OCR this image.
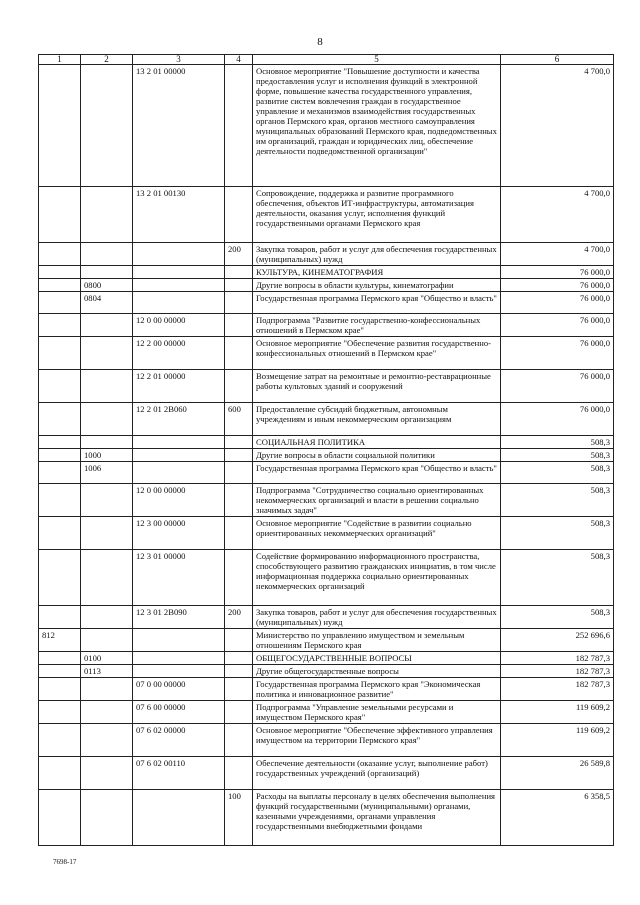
8
1	2	3	4	5	6
		13 2 01 00000		Основное мероприятие "Повышение доступности и качества предоставления услуг и исполнения функций в электронной форме, повышение качества государственного управления, развитие систем вовлечения граждан в государственное управление и механизмов взаимодействия государственных органов Пермского края, органов местного самоуправления муниципальных образований Пермского края, подведомственных им организаций, граждан и юридических лиц, обеспечение деятельности подведомственной организации"	4 700,0
		13 2 01 00130		Сопровождение, поддержка и развитие программного обеспечения, объектов ИТ-инфраструктуры, автоматизация деятельности, оказания услуг, исполнения функций государственными органами Пермского края	4 700,0
			200	Закупка товаров, работ и услуг для обеспечения государственных (муниципальных) нужд	4 700,0
				КУЛЬТУРА, КИНЕМАТОГРАФИЯ	76 000,0
	0800			Другие вопросы в области культуры, кинематографии	76 000,0
	0804			Государственная программа Пермского края "Общество и власть"	76 000,0
		12 0 00 00000		Подпрограмма "Развитие государственно-конфессиональных отношений в Пермском крае"	76 000,0
		12 2 00 00000		Основное мероприятие "Обеспечение развития государственно-конфессиональных отношений в Пермском крае"	76 000,0
		12 2 01 00000		Возмещение затрат на ремонтные и ремонтно-реставрационные работы культовых зданий и сооружений	76 000,0
		12 2 01 2В060	600	Предоставление субсидий бюджетным, автономным учреждениям и иным некоммерческим организациям	76 000,0
				СОЦИАЛЬНАЯ ПОЛИТИКА	508,3
	1000			Другие вопросы в области социальной политики	508,3
	1006			Государственная программа Пермского края "Общество и власть"	508,3
		12 0 00 00000		Подпрограмма "Сотрудничество социально ориентированных некоммерческих организаций и власти в решении социально значимых задач"	508,3
		12 3 00 00000		Основное мероприятие "Содействие в развитии социально ориентированных некоммерческих организаций"	508,3
		12 3 01 00000		Содействие формированию информационного пространства, способствующего развитию гражданских инициатив, в том числе информационная поддержка социально ориентированных некоммерческих организаций	508,3
		12 3 01 2В090	200	Закупка товаров, работ и услуг для обеспечения государственных (муниципальных) нужд	508,3
812				Министерство по управлению имуществом и земельным отношениям Пермского края	252 696,6
	0100			ОБЩЕГОСУДАРСТВЕННЫЕ ВОПРОСЫ	182 787,3
	0113			Другие общегосударственные вопросы	182 787,3
		07 0 00 00000		Государственная программа Пермского края "Экономическая политика и инновационное развитие"	182 787,3
		07 6 00 00000		Подпрограмма "Управление земельными ресурсами и имуществом Пермского края"	119 609,2
		07 6 02 00000		Основное мероприятие "Обеспечение эффективного управления имуществом на территории Пермского края"	119 609,2
		07 6 02 00110		Обеспечение деятельности (оказание услуг, выполнение работ) государственных учреждений (организаций)	26 589,8
			100	Расходы на выплаты персоналу в целях обеспечения выполнения функций государственными (муниципальными) органами, казенными учреждениями, органами управления государственными внебюджетными фондами	6 358,5
7698-17
